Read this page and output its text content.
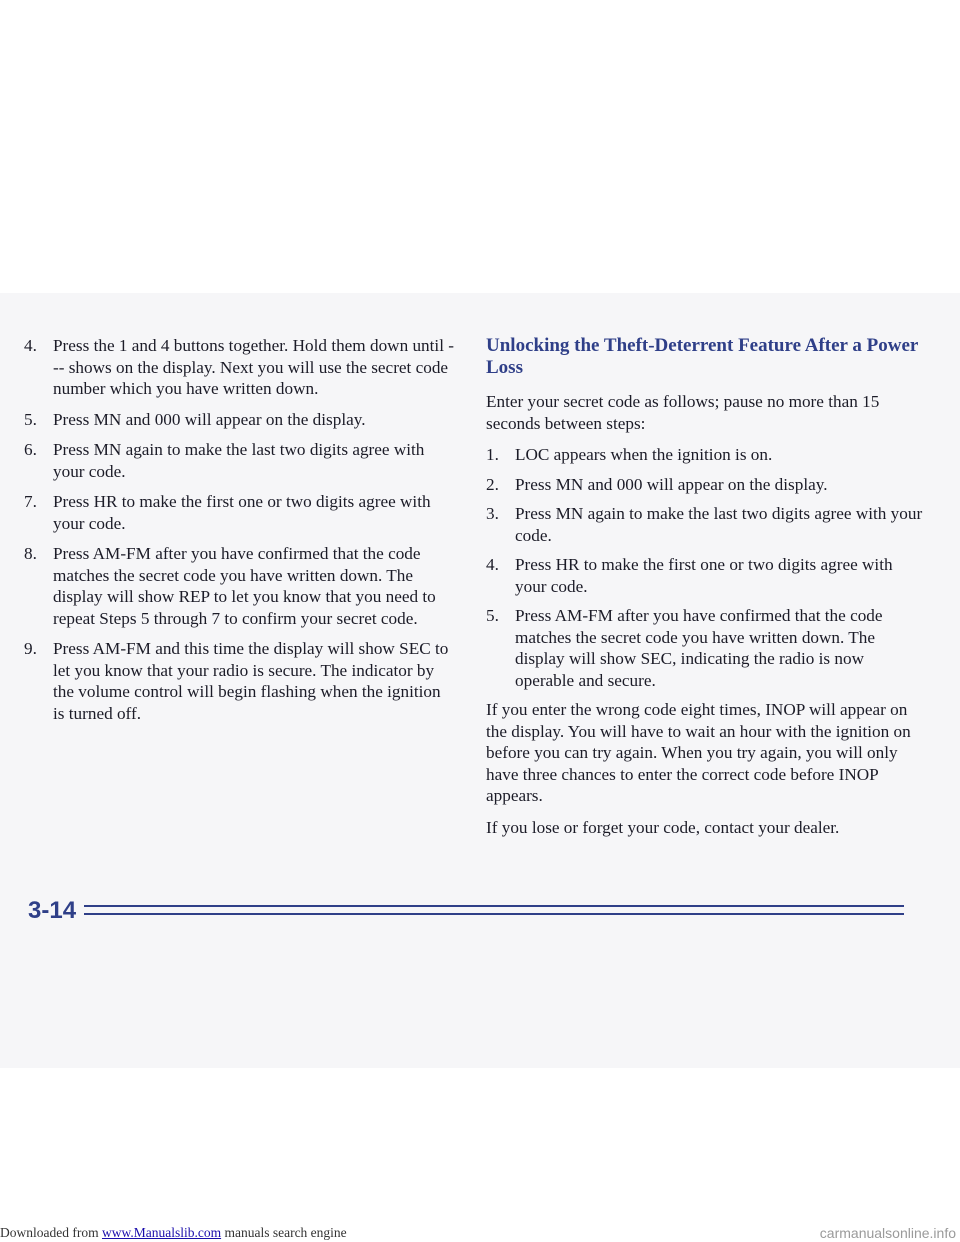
4. Press the 1 and 4 buttons together. Hold them down until --- shows on the display. Next you will use the secret code number which you have written down.
5. Press MN and 000 will appear on the display.
6. Press MN again to make the last two digits agree with your code.
7. Press HR to make the first one or two digits agree with your code.
8. Press AM-FM after you have confirmed that the code matches the secret code you have written down. The display will show REP to let you know that you need to repeat Steps 5 through 7 to confirm your secret code.
9. Press AM-FM and this time the display will show SEC to let you know that your radio is secure. The indicator by the volume control will begin flashing when the ignition is turned off.
Unlocking the Theft-Deterrent Feature After a Power Loss

Enter your secret code as follows; pause no more than 15 seconds between steps:

1. LOC appears when the ignition is on.
2. Press MN and 000 will appear on the display.
3. Press MN again to make the last two digits agree with your code.
4. Press HR to make the first one or two digits agree with your code.
5. Press AM-FM after you have confirmed that the code matches the secret code you have written down. The display will show SEC, indicating the radio is now operable and secure.

If you enter the wrong code eight times, INOP will appear on the display. You will have to wait an hour with the ignition on before you can try again. When you try again, you will only have three chances to enter the correct code before INOP appears.

If you lose or forget your code, contact your dealer.

3-14
Downloaded from www.Manualslib.com manuals search engine	carmanualsonline.info
